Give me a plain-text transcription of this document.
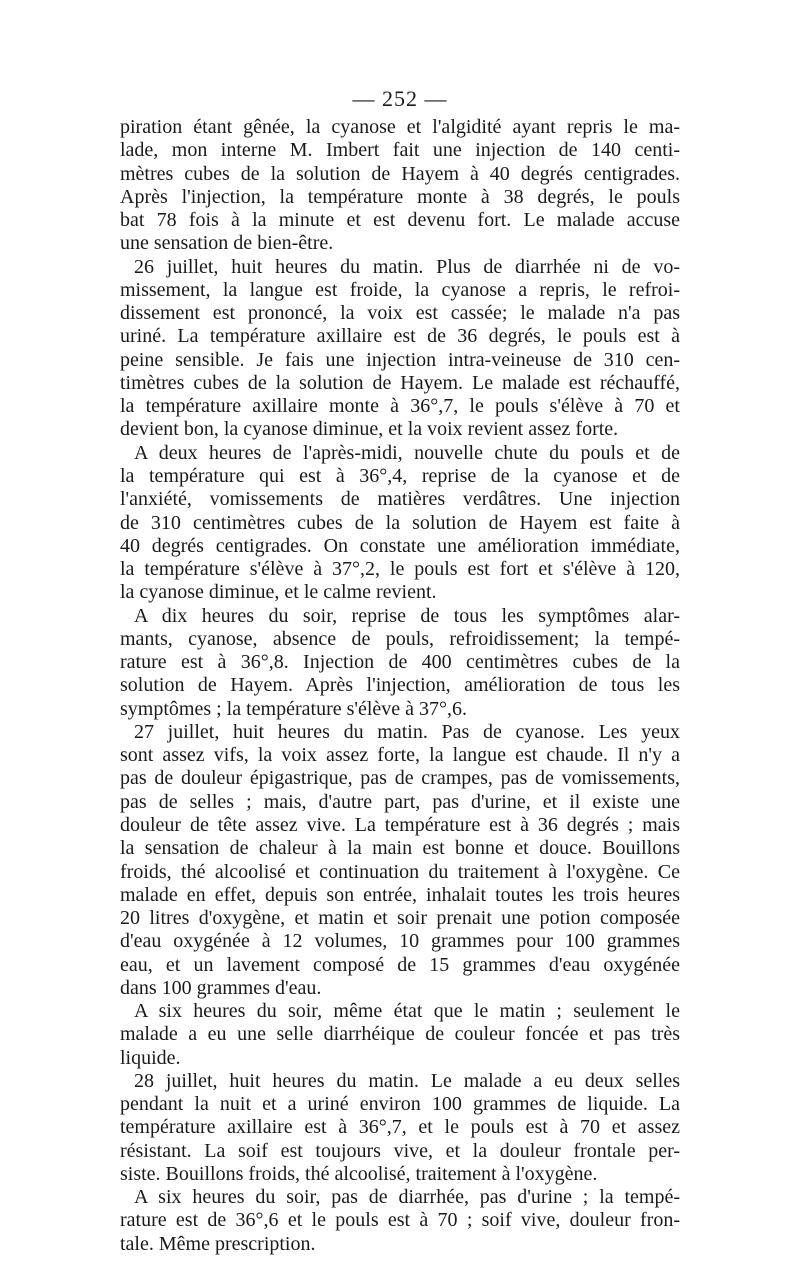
— 252 —
piration étant gênée, la cyanose et l'algidité ayant repris le ma-
lade, mon interne M. Imbert fait une injection de 140 centi-
mètres cubes de la solution de Hayem à 40 degrés centigrades.
Après l'injection, la température monte à 38 degrés, le pouls
bat 78 fois à la minute et est devenu fort. Le malade accuse
une sensation de bien-être.
26 juillet, huit heures du matin. Plus de diarrhée ni de vo-
missement, la langue est froide, la cyanose a repris, le refroi-
dissement est prononcé, la voix est cassée; le malade n'a pas
uriné. La température axillaire est de 36 degrés, le pouls est à
peine sensible. Je fais une injection intra-veineuse de 310 cen-
timètres cubes de la solution de Hayem. Le malade est réchauffé,
la température axillaire monte à 36°,7, le pouls s'élève à 70 et
devient bon, la cyanose diminue, et la voix revient assez forte.
A deux heures de l'après-midi, nouvelle chute du pouls et de
la température qui est à 36°,4, reprise de la cyanose et de
l'anxiété, vomissements de matières verdâtres. Une injection
de 310 centimètres cubes de la solution de Hayem est faite à
40 degrés centigrades. On constate une amélioration immédiate,
la température s'élève à 37°,2, le pouls est fort et s'élève à 120,
la cyanose diminue, et le calme revient.
A dix heures du soir, reprise de tous les symptômes alar-
mants, cyanose, absence de pouls, refroidissement; la tempé-
rature est à 36°,8. Injection de 400 centimètres cubes de la
solution de Hayem. Après l'injection, amélioration de tous les
symptômes ; la température s'élève à 37°,6.
27 juillet, huit heures du matin. Pas de cyanose. Les yeux
sont assez vifs, la voix assez forte, la langue est chaude. Il n'y a
pas de douleur épigastrique, pas de crampes, pas de vomissements,
pas de selles ; mais, d'autre part, pas d'urine, et il existe une
douleur de tête assez vive. La température est à 36 degrés ; mais
la sensation de chaleur à la main est bonne et douce. Bouillons
froids, thé alcoolisé et continuation du traitement à l'oxygène. Ce
malade en effet, depuis son entrée, inhalait toutes les trois heures
20 litres d'oxygène, et matin et soir prenait une potion composée
d'eau oxygénée à 12 volumes, 10 grammes pour 100 grammes
eau, et un lavement composé de 15 grammes d'eau oxygénée
dans 100 grammes d'eau.
A six heures du soir, même état que le matin ; seulement le
malade a eu une selle diarrhéique de couleur foncée et pas très
liquide.
28 juillet, huit heures du matin. Le malade a eu deux selles
pendant la nuit et a uriné environ 100 grammes de liquide. La
température axillaire est à 36°,7, et le pouls est à 70 et assez
résistant. La soif est toujours vive, et la douleur frontale per-
siste. Bouillons froids, thé alcoolisé, traitement à l'oxygène.
A six heures du soir, pas de diarrhée, pas d'urine ; la tempé-
rature est de 36°,6 et le pouls est à 70 ; soif vive, douleur fron-
tale. Même prescription.
